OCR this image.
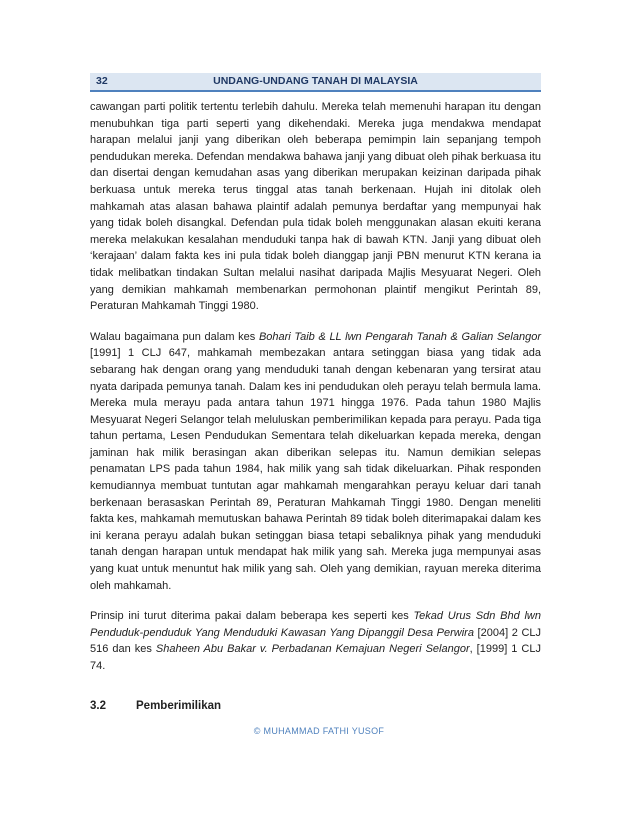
32	UNDANG-UNDANG TANAH DI MALAYSIA

cawangan parti politik tertentu terlebih dahulu. Mereka telah memenuhi harapan itu dengan menubuhkan tiga parti seperti yang dikehendaki. Mereka juga mendakwa mendapat harapan melalui janji yang diberikan oleh beberapa pemimpin lain sepanjang tempoh pendudukan mereka. Defendan mendakwa bahawa janji yang dibuat oleh pihak berkuasa itu dan disertai dengan kemudahan asas yang diberikan merupakan keizinan daripada pihak berkuasa untuk mereka terus tinggal atas tanah berkenaan. Hujah ini ditolak oleh mahkamah atas alasan bahawa plaintif adalah pemunya berdaftar yang mempunyai hak yang tidak boleh disangkal. Defendan pula tidak boleh menggunakan alasan ekuiti kerana mereka melakukan kesalahan menduduki tanpa hak di bawah KTN. Janji yang dibuat oleh ‘kerajaan’ dalam fakta kes ini pula tidak boleh dianggap janji PBN menurut KTN kerana ia tidak melibatkan tindakan Sultan melalui nasihat daripada Majlis Mesyuarat Negeri. Oleh yang demikian mahkamah membenarkan permohonan plaintif mengikut Perintah 89, Peraturan Mahkamah Tinggi 1980.

Walau bagaimana pun dalam kes Bohari Taib & LL lwn Pengarah Tanah & Galian Selangor [1991] 1 CLJ 647, mahkamah membezakan antara setinggan biasa yang tidak ada sebarang hak dengan orang yang menduduki tanah dengan kebenaran yang tersirat atau nyata daripada pemunya tanah. Dalam kes ini pendudukan oleh perayu telah bermula lama. Mereka mula merayu pada antara tahun 1971 hingga 1976. Pada tahun 1980 Majlis Mesyuarat Negeri Selangor telah meluluskan pemberimilikan kepada para perayu. Pada tiga tahun pertama, Lesen Pendudukan Sementara telah dikeluarkan kepada mereka, dengan jaminan hak milik berasingan akan diberikan selepas itu. Namun demikian selepas penamatan LPS pada tahun 1984, hak milik yang sah tidak dikeluarkan. Pihak responden kemudiannya membuat tuntutan agar mahkamah mengarahkan perayu keluar dari tanah berkenaan berasaskan Perintah 89, Peraturan Mahkamah Tinggi 1980. Dengan meneliti fakta kes, mahkamah memutuskan bahawa Perintah 89 tidak boleh diterimapakai dalam kes ini kerana perayu adalah bukan setinggan biasa tetapi sebaliknya pihak yang menduduki tanah dengan harapan untuk mendapat hak milik yang sah. Mereka juga mempunyai asas yang kuat untuk menuntut hak milik yang sah. Oleh yang demikian, rayuan mereka diterima oleh mahkamah.

Prinsip ini turut diterima pakai dalam beberapa kes seperti kes Tekad Urus Sdn Bhd lwn Penduduk-penduduk Yang Menduduki Kawasan Yang Dipanggil Desa Perwira [2004] 2 CLJ 516 dan kes Shaheen Abu Bakar v. Perbadanan Kemajuan Negeri Selangor, [1999] 1 CLJ 74.

3.2	Pemberimilikan
© MUHAMMAD FATHI YUSOF
